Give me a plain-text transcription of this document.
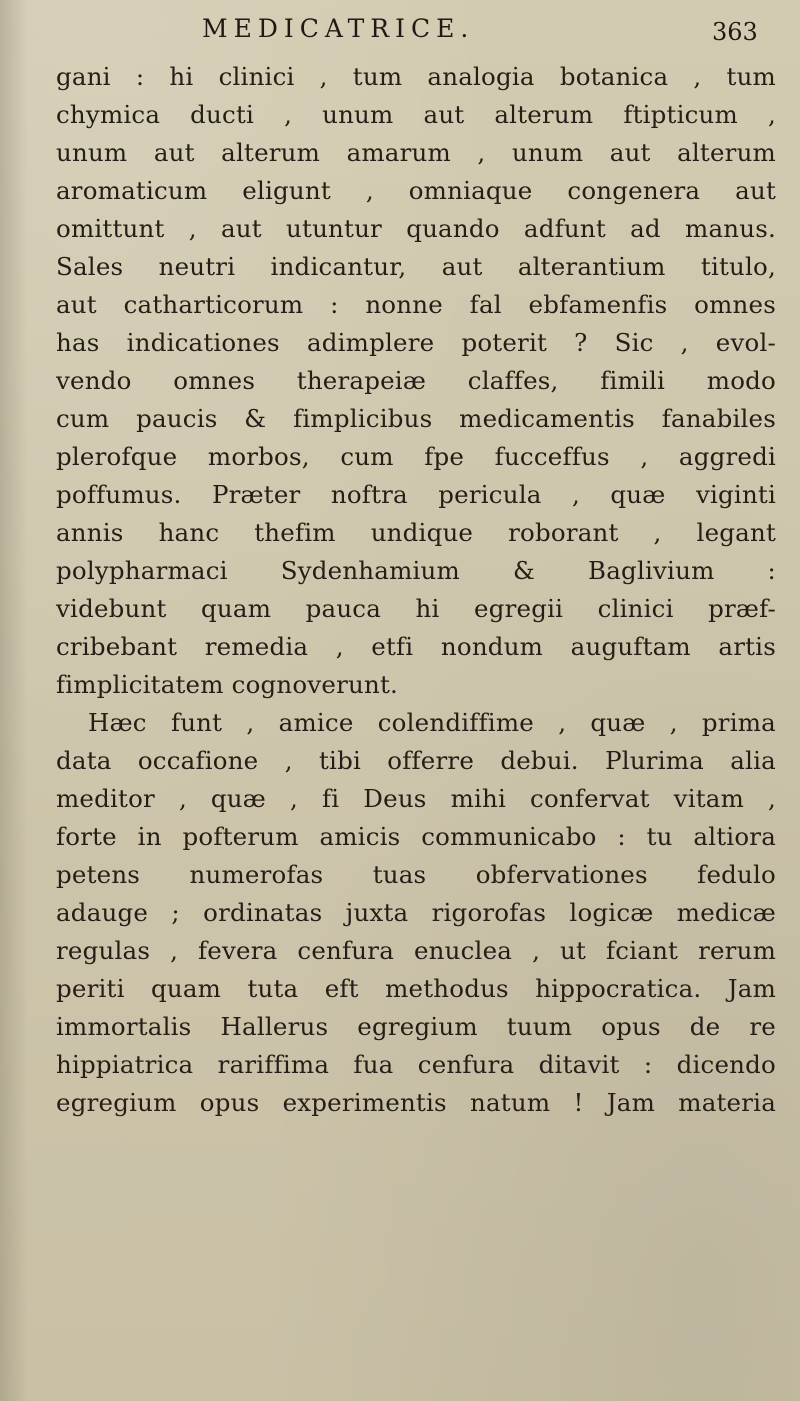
MEDICATRICE.	363
gani : hi clinici , tum analogia botanica , tum
chymica ducti , unum aut alterum ftipticum ,
unum aut alterum amarum , unum aut alterum
aromaticum eligunt , omniaque congenera aut
omittunt , aut utuntur quando adfunt ad manus.
Sales neutri indicantur, aut alterantium titulo,
aut catharticorum : nonne fal ebfamenfis omnes
has indicationes adimplere poterit ? Sic , evol-
vendo omnes therapeiæ claffes, fimili modo
cum paucis & fimplicibus medicamentis fanabiles
plerofque morbos, cum fpe fucceffus , aggredi
poffumus. Præter noftra pericula , quæ viginti
annis hanc thefim undique roborant , legant
polypharmaci Sydenhamium & Baglivium :
videbunt quam pauca hi egregii clinici præf-
cribebant remedia , etfi nondum auguftam artis
fimplicitatem cognoverunt.
Hæc funt , amice colendiffime , quæ , prima
data occafione , tibi offerre debui. Plurima alia
meditor , quæ , fi Deus mihi confervat vitam ,
forte in pofterum amicis communicabo : tu altiora
petens numerofas tuas obfervationes fedulo
adauge ; ordinatas juxta rigorofas logicæ medicæ
regulas , fevera cenfura enuclea , ut fciant rerum
periti quam tuta eft methodus hippocratica. Jam
immortalis Hallerus egregium tuum opus de re
hippiatrica rariffima fua cenfura ditavit : dicendo
egregium opus experimentis natum ! Jam materia
